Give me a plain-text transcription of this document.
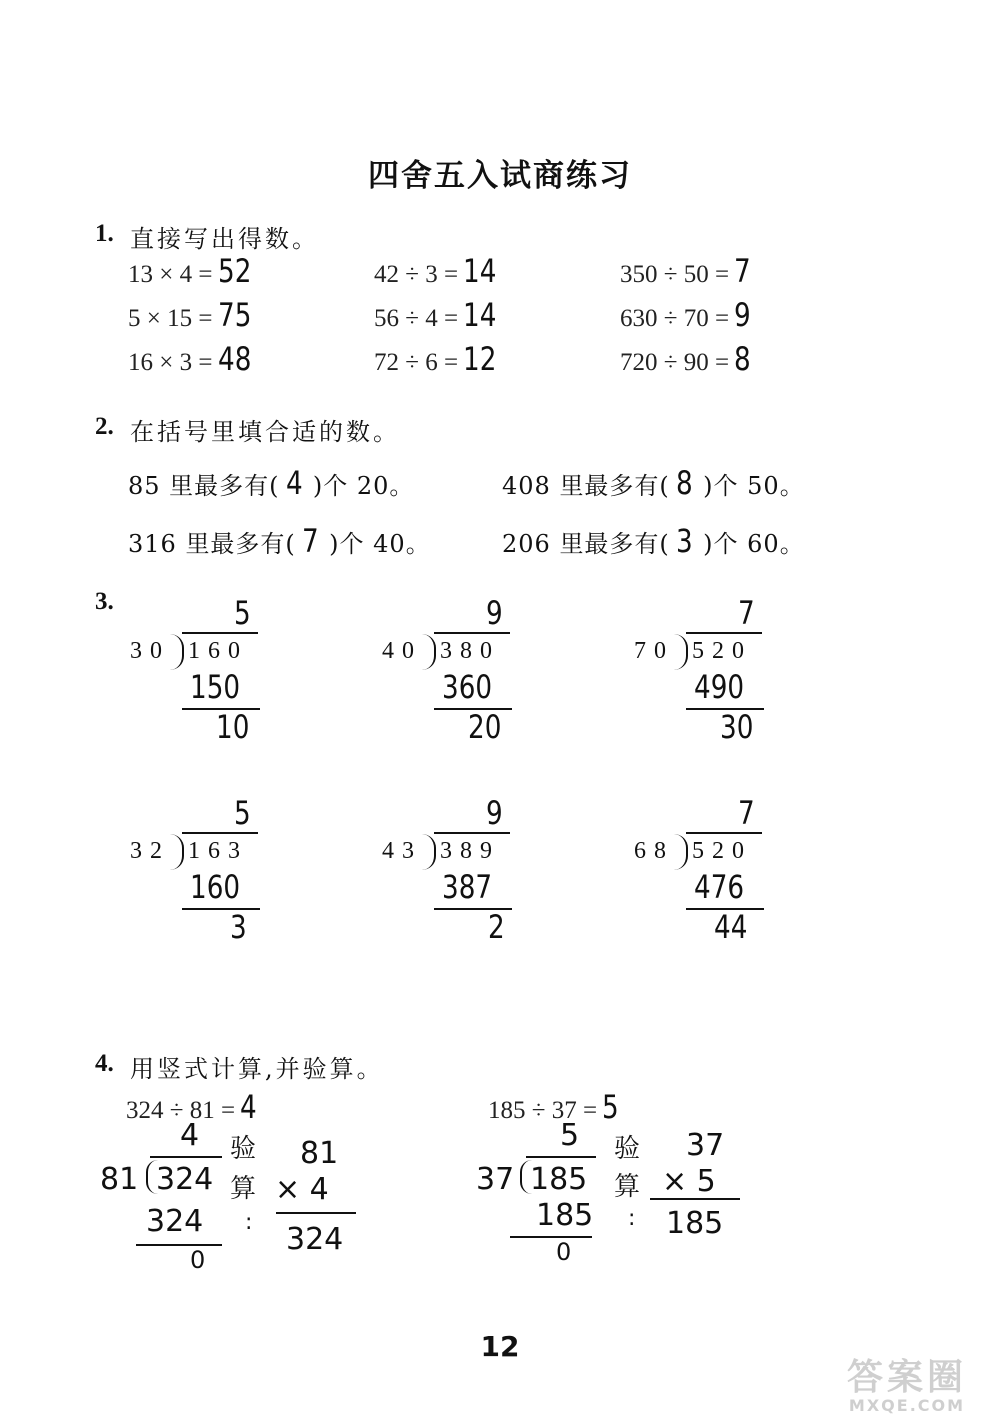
四舍五入试商练习
1. 直接写出得数。
13 × 4 = 52	42 ÷ 3 = 14	350 ÷ 50 = 7
5 × 15 = 75	56 ÷ 4 = 14	630 ÷ 70 = 9
16 × 3 = 48	72 ÷ 6 = 12	720 ÷ 90 = 8
2. 在括号里填合适的数。
85 里最多有( 4 )个 20。	408 里最多有( 8 )个 50。
316 里最多有( 7 )个 40。	206 里最多有( 3 )个 60。
3.	5
30 160
150
10
9
40 380
360
20
7
70 520
490
30
5
32 163
160
3
9
43 389
387
2
7
68 520
476
44
4. 用竖式计算,并验算。
324 ÷ 81 = 4
4
81 324
324
0
验
算
:
81
× 4
324
185 ÷ 37 = 5
5
37 185
185
0
验
算
:
37
× 5
185
12
答案圈
MXQE.COM
